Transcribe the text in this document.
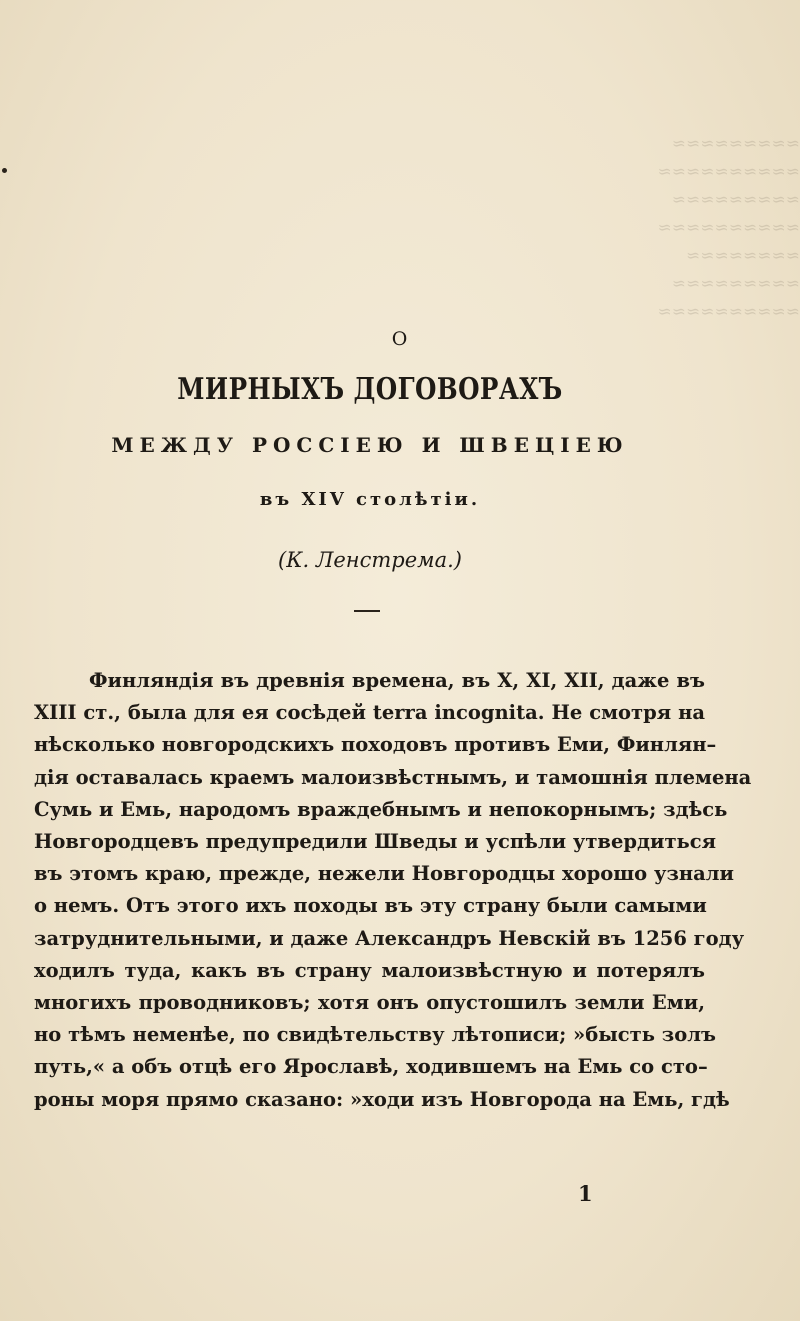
≈≈≈≈≈≈≈≈≈
≈≈≈≈≈≈≈≈≈≈
≈≈≈≈≈≈≈≈≈
≈≈≈≈≈≈≈≈≈≈
≈≈≈≈≈≈≈≈
≈≈≈≈≈≈≈≈≈
≈≈≈≈≈≈≈≈≈≈
О
МИРНЫХЪ ДОГОВОРАХЪ
МЕЖДУ РОССІЕЮ И ШВЕЦІЕЮ
въ XIV столѣтіи.
(К. Ленстрема.)
Финляндія въ древнія времена, въ X, XI, XII, даже въ
XIII ст., была для ея сосѣдей terra incognita. Не смотря на
нѣсколько новгородскихъ походовъ противъ Еми, Финлян–
дія оставалась краемъ малоизвѣстнымъ, и тамошнія племена
Сумь и Емь, народомъ враждебнымъ и непокорнымъ; здѣсь
Новгородцевъ предупредили Шведы и успѣли утвердиться
въ этомъ краю, прежде, нежели Новгородцы хорошо узнали
о немъ. Отъ этого ихъ походы въ эту страну были самыми
затруднительными, и даже Александръ Невскій въ 1256 году
ходилъ туда, какъ въ страну малоизвѣстную и потерялъ
многихъ проводниковъ; хотя онъ опустошилъ земли Еми,
но тѣмъ неменѣе, по свидѣтельству лѣтописи; »бысть золъ
путь,« а объ отцѣ его Ярославѣ, ходившемъ на Емь со сто–
роны моря прямо сказано: »ходи изъ Новгорода на Емь, гдѣ
1
